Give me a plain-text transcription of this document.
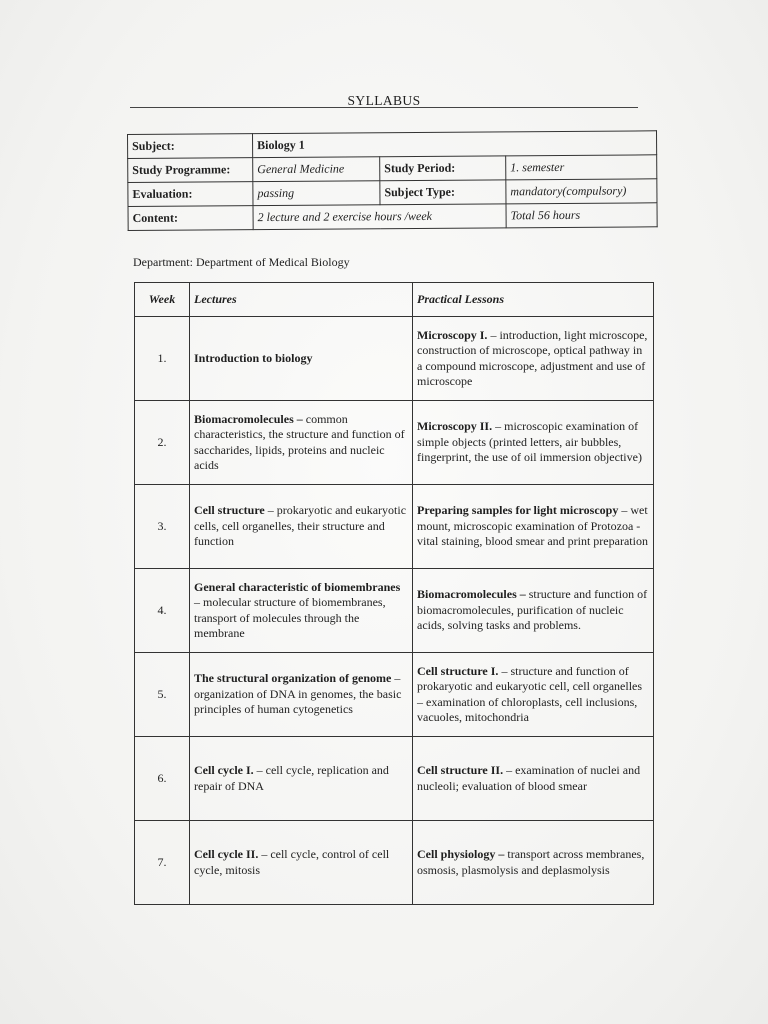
SYLLABUS
Subject:	Biology 1		
Study Programme:	General Medicine	Study Period:	1. semester
Evaluation:	passing	Subject Type:	mandatory(compulsory)
Content:	2 lecture and 2 exercise hours /week		Total 56 hours
Department: Department of Medical Biology
Week	Lectures	Practical Lessons
1.	Introduction to biology	Microscopy I. – introduction, light microscope, construction of microscope, optical pathway in a compound microscope, adjustment and use of microscope
2.	Biomacromolecules – common characteristics, the structure and function of saccharides, lipids, proteins and nucleic acids	Microscopy II. – microscopic examination of simple objects (printed letters, air bubbles, fingerprint, the use of oil immersion objective)
3.	Cell structure – prokaryotic and eukaryotic cells, cell organelles, their structure and function	Preparing samples for light microscopy – wet mount, microscopic examination of Protozoa - vital staining, blood smear and print preparation
4.	General characteristic of biomembranes – molecular structure of biomembranes, transport of molecules through the membrane	Biomacromolecules – structure and function of biomacromolecules, purification of nucleic acids, solving tasks and problems.
5.	The structural organization of genome – organization of DNA in genomes, the basic principles of human cytogenetics	Cell structure I. – structure and function of prokaryotic and eukaryotic cell, cell organelles – examination of chloroplasts, cell inclusions, vacuoles, mitochondria
6.	Cell cycle I. – cell cycle, replication and repair of DNA	Cell structure II. – examination of nuclei and nucleoli; evaluation of blood smear
7.	Cell cycle II. – cell cycle, control of cell cycle, mitosis	Cell physiology – transport across membranes, osmosis, plasmolysis and deplasmolysis
